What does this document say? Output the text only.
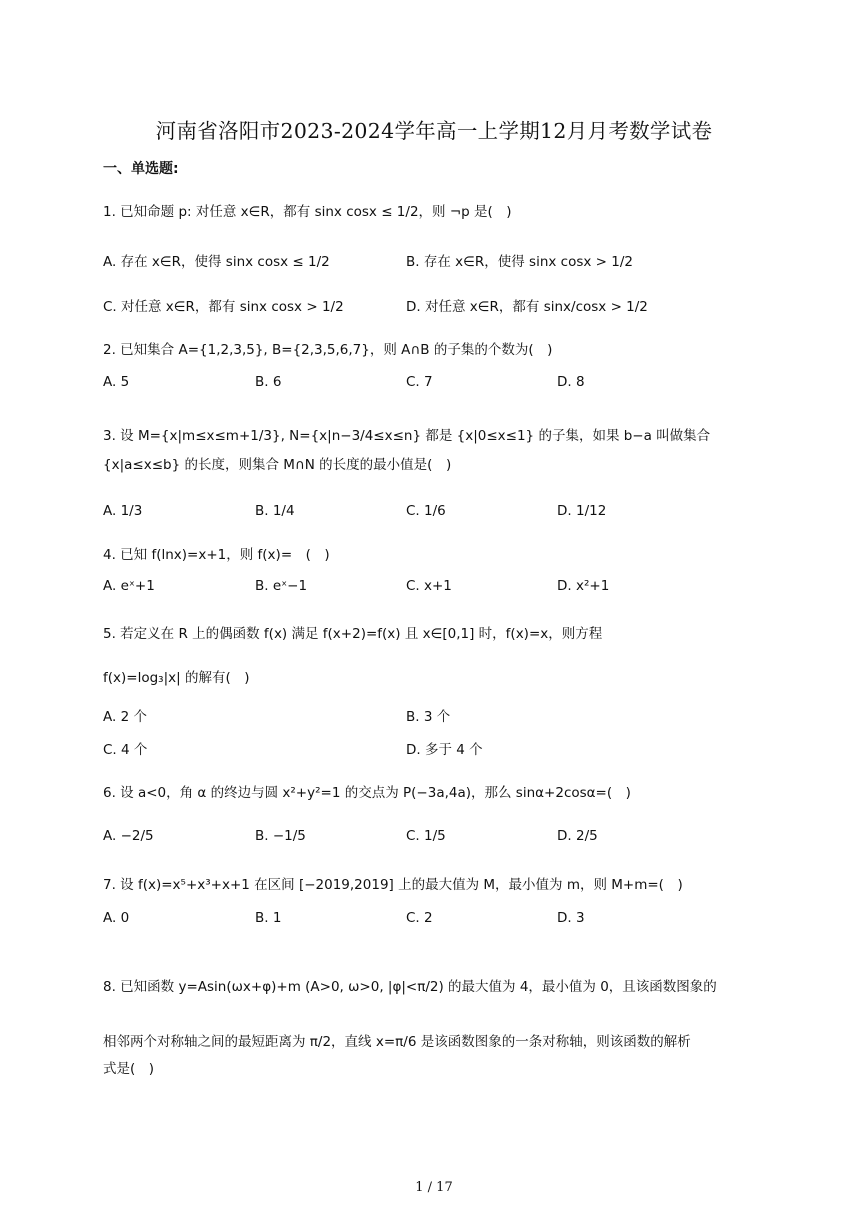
河南省洛阳市2023-2024学年高一上学期12月月考数学试卷
一、单选题:
1. 已知命题 p: 对任意 x∈R，都有 sinx cosx ≤ 1/2，则 ¬p 是(　)
A. 存在 x∈R，使得 sinx cosx ≤ 1/2	B. 存在 x∈R，使得 sinx cosx > 1/2
C. 对任意 x∈R，都有 sinx cosx > 1/2	D. 对任意 x∈R，都有 sinx/cosx > 1/2
2. 已知集合 A={1,2,3,5}, B={2,3,5,6,7}，则 A∩B 的子集的个数为(　)
A. 5	B. 6	C. 7	D. 8
3. 设 M={x|m≤x≤m+1/3}, N={x|n−3/4≤x≤n} 都是 {x|0≤x≤1} 的子集，如果 b−a 叫做集合
{x|a≤x≤b} 的长度，则集合 M∩N 的长度的最小值是(　)
A. 1/3	B. 1/4	C. 1/6	D. 1/12
4. 已知 f(lnx)=x+1，则 f(x)=　(　)
A. eˣ+1	B. eˣ−1	C. x+1	D. x²+1
5. 若定义在 R 上的偶函数 f(x) 满足 f(x+2)=f(x) 且 x∈[0,1] 时，f(x)=x，则方程
f(x)=log₃|x| 的解有(　)
A. 2 个	B. 3 个
C. 4 个	D. 多于 4 个
6. 设 a<0，角 α 的终边与圆 x²+y²=1 的交点为 P(−3a,4a)，那么 sinα+2cosα=(　)
A. −2/5	B. −1/5	C. 1/5	D. 2/5
7. 设 f(x)=x⁵+x³+x+1 在区间 [−2019,2019] 上的最大值为 M，最小值为 m，则 M+m=(　)
A. 0	B. 1	C. 2	D. 3
8. 已知函数 y=Asin(ωx+φ)+m (A>0, ω>0, |φ|<π/2) 的最大值为 4，最小值为 0，且该函数图象的
相邻两个对称轴之间的最短距离为 π/2，直线 x=π/6 是该函数图象的一条对称轴，则该函数的解析
式是(　)
1 / 17
